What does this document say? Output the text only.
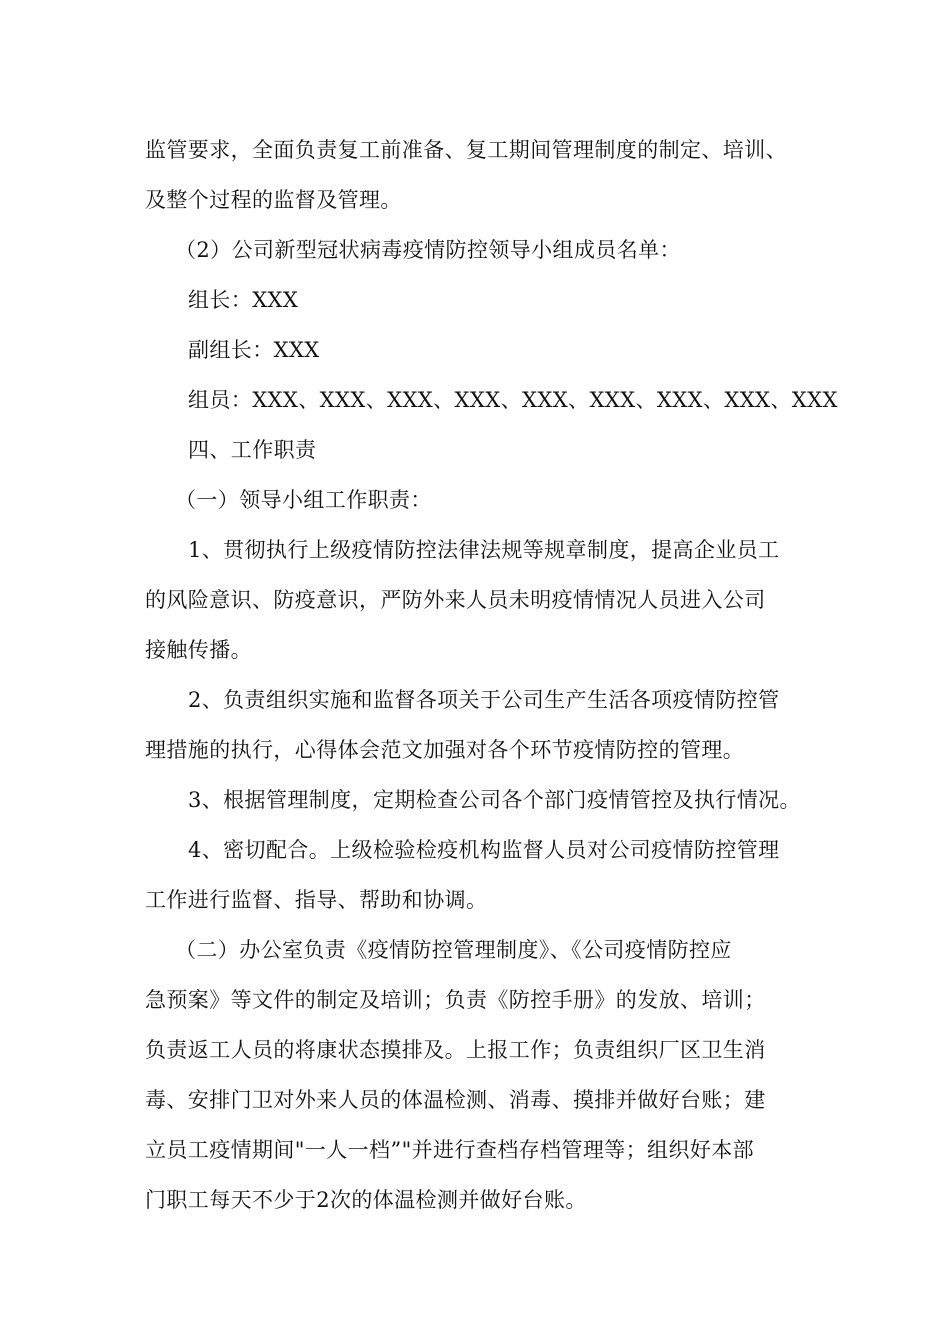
监管要求，全面负责复工前准备、复工期间管理制度的制定、培训、
及整个过程的监督及管理。
（2）公司新型冠状病毒疫情防控领导小组成员名单：
组长：XXX
副组长：XXX
组员：XXX、XXX、XXX、XXX、XXX、XXX、XXX、XXX、XXX
四、工作职责
（一）领导小组工作职责：
1、贯彻执行上级疫情防控法律法规等规章制度，提高企业员工
的风险意识、防疫意识，严防外来人员未明疫情情况人员进入公司
接触传播。
2、负责组织实施和监督各项关于公司生产生活各项疫情防控管
理措施的执行，心得体会范文加强对各个环节疫情防控的管理。
3、根据管理制度，定期检查公司各个部门疫情管控及执行情况。
4、密切配合。上级检验检疫机构监督人员对公司疫情防控管理
工作进行监督、指导、帮助和协调。
（二）办公室负责《疫情防控管理制度》、《公司疫情防控应
急预案》等文件的制定及培训；负责《防控手册》的发放、培训；
负责返工人员的将康状态摸排及。上报工作；负责组织厂区卫生消
毒、安排门卫对外来人员的体温检测、消毒、摸排并做好台账；建
立员工疫情期间"一人一档”"并进行查档存档管理等；组织好本部
门职工每天不少于2次的体温检测并做好台账。
